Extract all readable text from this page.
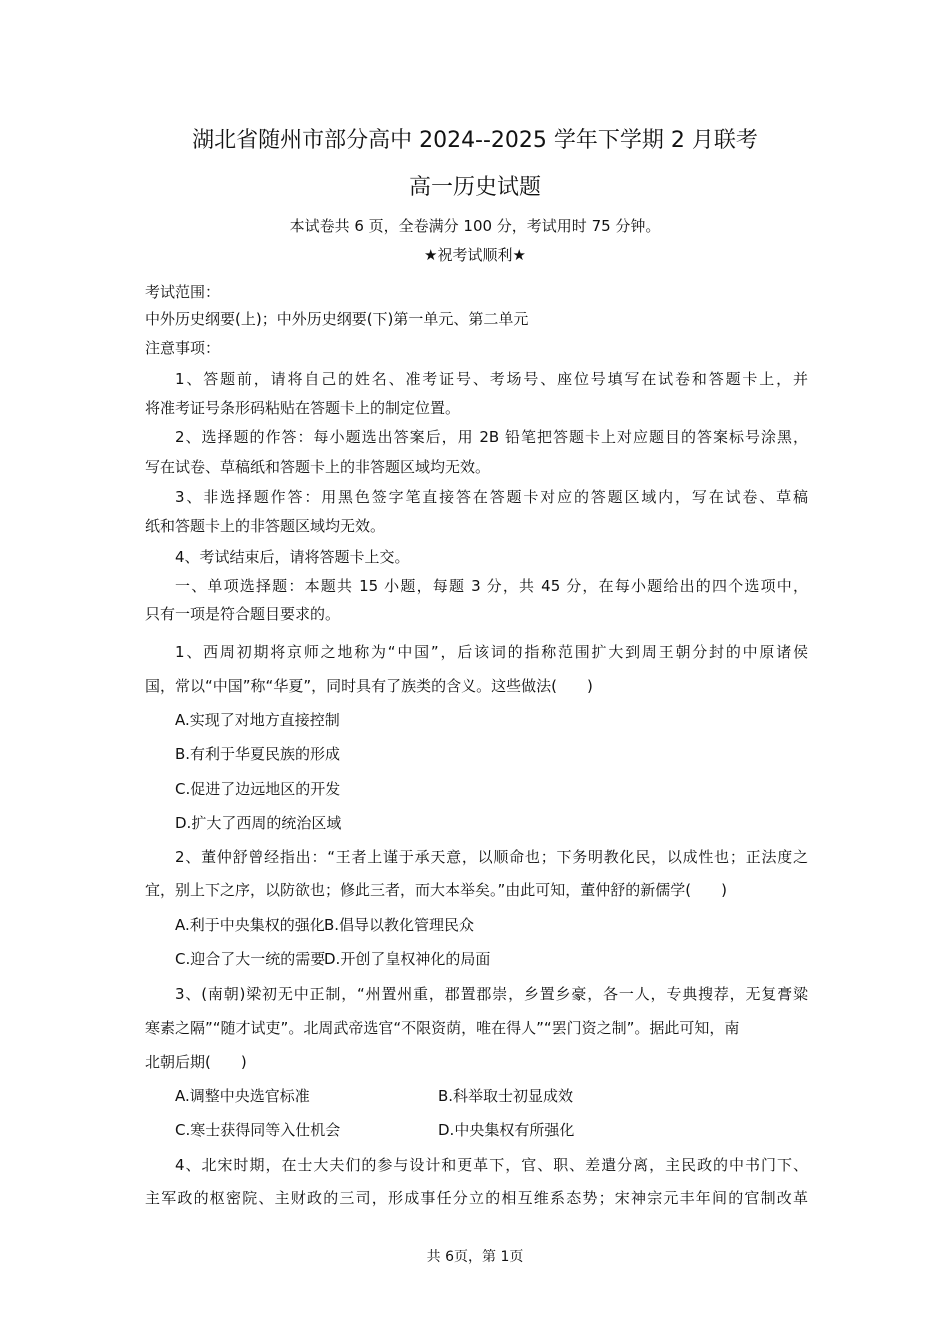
湖北省随州市部分高中 2024--2025 学年下学期 2 月联考
高一历史试题
本试卷共 6 页，全卷满分 100 分，考试用时 75 分钟。
★祝考试顺利★
考试范围：
中外历史纲要(上)；中外历史纲要(下)第一单元、第二单元
注意事项：
1、答题前，请将自己的姓名、准考证号、考场号、座位号填写在试卷和答题卡上，并
将准考证号条形码粘贴在答题卡上的制定位置。
2、选择题的作答：每小题选出答案后，用 2B 铅笔把答题卡上对应题目的答案标号涂黑，
写在试卷、草稿纸和答题卡上的非答题区域均无效。
3、非选择题作答：用黑色签字笔直接答在答题卡对应的答题区域内，写在试卷、草稿
纸和答题卡上的非答题区域均无效。
4、考试结束后，请将答题卡上交。
一、单项选择题：本题共 15 小题，每题 3 分，共 45 分，在每小题给出的四个选项中，
只有一项是符合题目要求的。
1、西周初期将京师之地称为“中国”，后该词的指称范围扩大到周王朝分封的中原诸侯
国，常以“中国”称“华夏”，同时具有了族类的含义。这些做法(　　)
A.实现了对地方直接控制
B.有利于华夏民族的形成
C.促进了边远地区的开发
D.扩大了西周的统治区域
2、董仲舒曾经指出：“王者上谨于承天意，以顺命也；下务明教化民，以成性也；正法度之
宜，别上下之序，以防欲也；修此三者，而大本举矣。”由此可知，董仲舒的新儒学(　　)
A.利于中央集权的强化 B.倡导以教化管理民众
C.迎合了大一统的需要
D.开创了皇权神化的局面
3、(南朝)梁初无中正制，“州置州重，郡置郡崇，乡置乡豪，各一人，专典搜荐，无复膏粱
寒素之隔”“随才试吏”。北周武帝选官“不限资荫，唯在得人”“罢门资之制”。据此可知，南
北朝后期(　　)
A.调整中央选官标准	B.科举取士初显成效
C.寒士获得同等入仕机会	D.中央集权有所强化
4、北宋时期，在士大夫们的参与设计和更革下，官、职、差遣分离，主民政的中书门下、
主军政的枢密院、主财政的三司，形成事任分立的相互维系态势；宋神宗元丰年间的官制改革
共 6页，第 1页
